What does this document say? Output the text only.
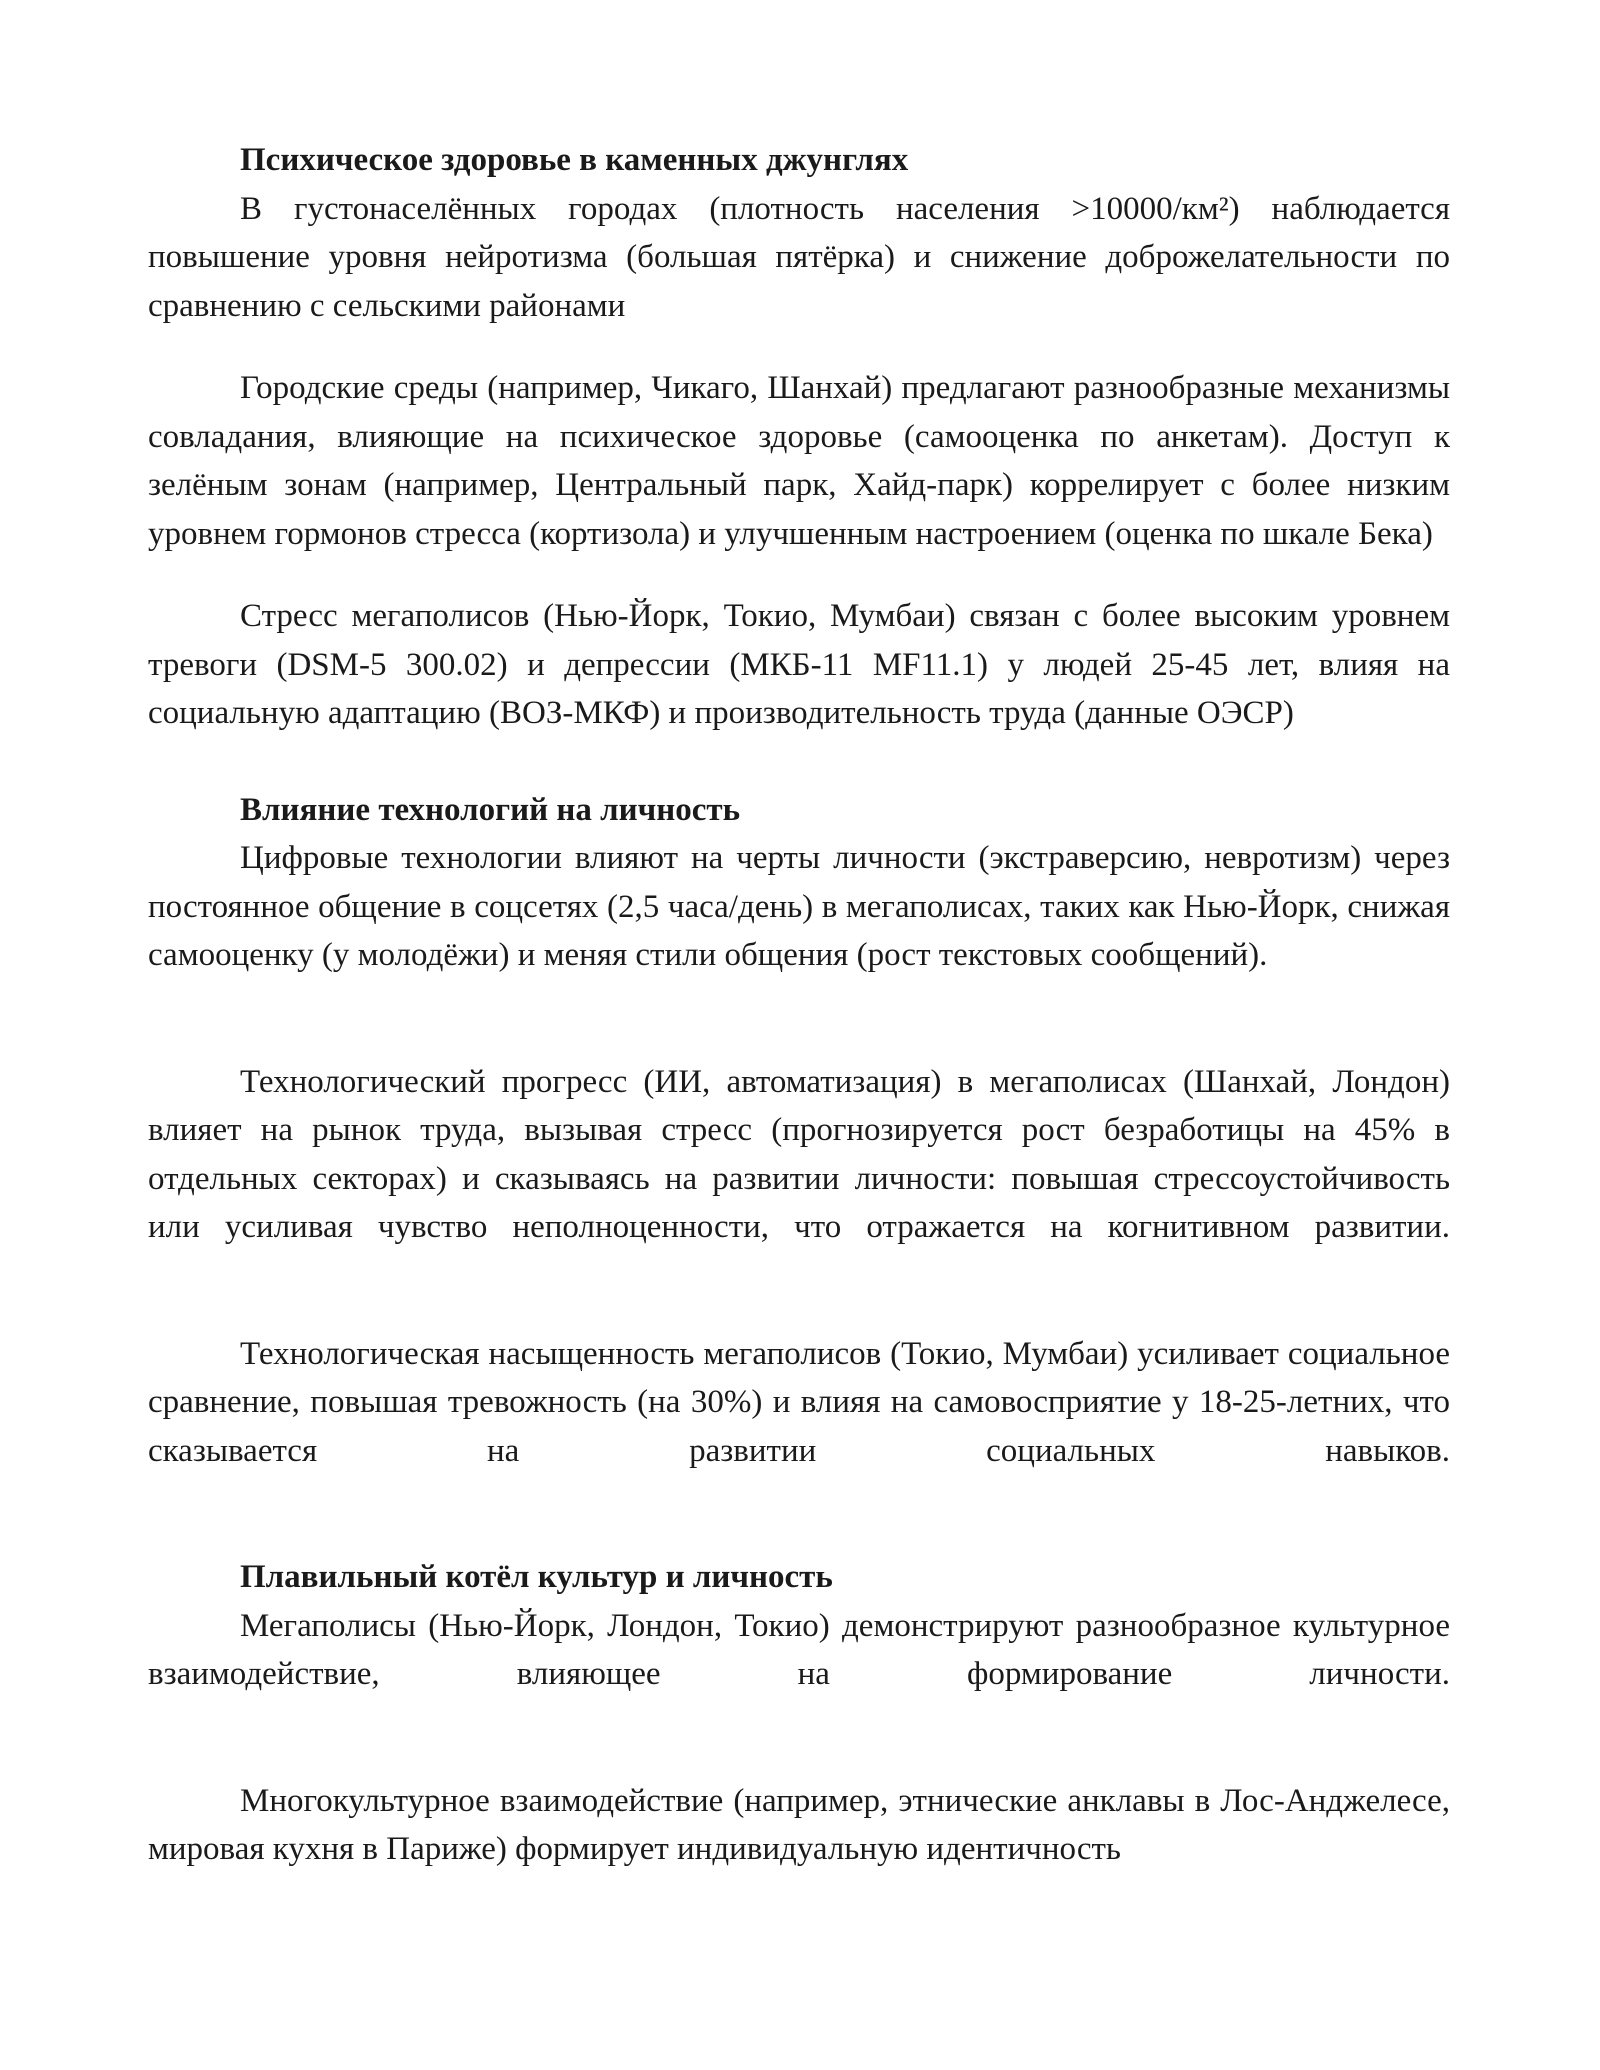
Психическое здоровье в каменных джунглях

В густонаселённых городах (плотность населения >10000/км²) наблюдается повышение уровня нейротизма (большая пятёрка) и снижение доброжелательности по сравнению с сельскими районами

Городские среды (например, Чикаго, Шанхай) предлагают разнообразные механизмы совладания, влияющие на психическое здоровье (самооценка по анкетам). Доступ к зелёным зонам (например, Центральный парк, Хайд-парк) коррелирует с более низким уровнем гормонов стресса (кортизола) и улучшенным настроением (оценка по шкале Бека)

Стресс мегаполисов (Нью-Йорк, Токио, Мумбаи) связан с более высоким уровнем тревоги (DSM-5 300.02) и депрессии (МКБ-11 MF11.1) у людей 25-45 лет, влияя на социальную адаптацию (ВОЗ-МКФ) и производительность труда (данные ОЭСР)

Влияние технологий на личность

Цифровые технологии влияют на черты личности (экстраверсию, невротизм) через постоянное общение в соцсетях (2,5 часа/день) в мегаполисах, таких как Нью-Йорк, снижая самооценку (у молодёжи) и меняя стили общения (рост текстовых сообщений).

Технологический прогресс (ИИ, автоматизация) в мегаполисах (Шанхай, Лондон) влияет на рынок труда, вызывая стресс (прогнозируется рост безработицы на 45% в отдельных секторах) и сказываясь на развитии личности: повышая стрессоустойчивость или усиливая чувство неполноценности, что отражается на когнитивном развитии.

Технологическая насыщенность мегаполисов (Токио, Мумбаи) усиливает социальное сравнение, повышая тревожность (на 30%) и влияя на самовосприятие у 18-25-летних, что сказывается на развитии социальных навыков.

Плавильный котёл культур и личность

Мегаполисы (Нью-Йорк, Лондон, Токио) демонстрируют разнообразное культурное взаимодействие, влияющее на формирование личности.

Многокультурное взаимодействие (например, этнические анклавы в Лос-Анджелесе, мировая кухня в Париже) формирует индивидуальную идентичность
